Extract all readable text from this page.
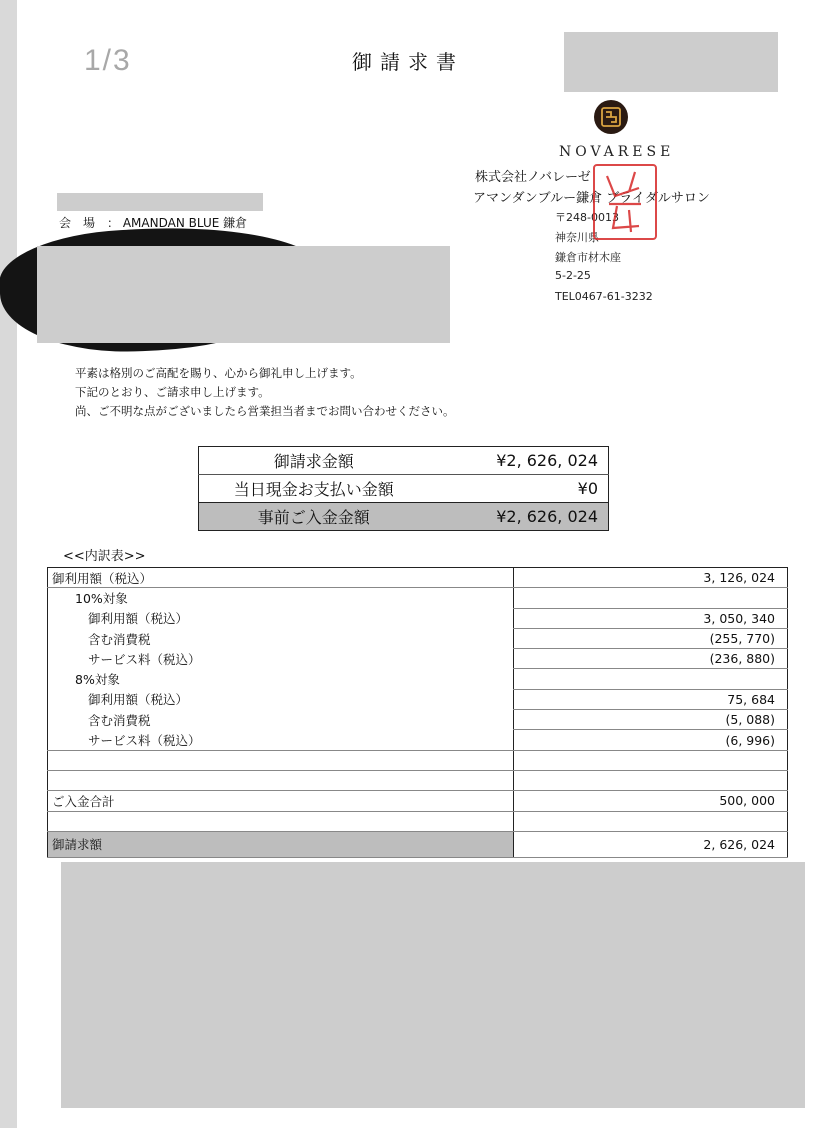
1/3	御請求書
NOVARESE
株式会社ノバレーゼ
アマンダンブルー鎌倉 ブライダルサロン
〒248-0013
神奈川県
鎌倉市材木座
5-2-25
TEL0467-61-3232
会　場　： AMANDAN BLUE 鎌倉
平素は格別のご高配を賜り、心から御礼申し上げます。
下記のとおり、ご請求申し上げます。
尚、ご不明な点がございましたら営業担当者までお問い合わせください。
御請求金額	¥2, 626, 024
当日現金お支払い金額	¥0
事前ご入金金額	¥2, 626, 024
<<内訳表>>
御利用額（税込）	3, 126, 024
10%対象	
御利用額（税込）	3, 050, 340
含む消費税	(255, 770)
サービス料（税込）	(236, 880)
8%対象	
御利用額（税込）	75, 684
含む消費税	(5, 088)
サービス料（税込）	(6, 996)

ご入金合計	500, 000

御請求額	2, 626, 024
